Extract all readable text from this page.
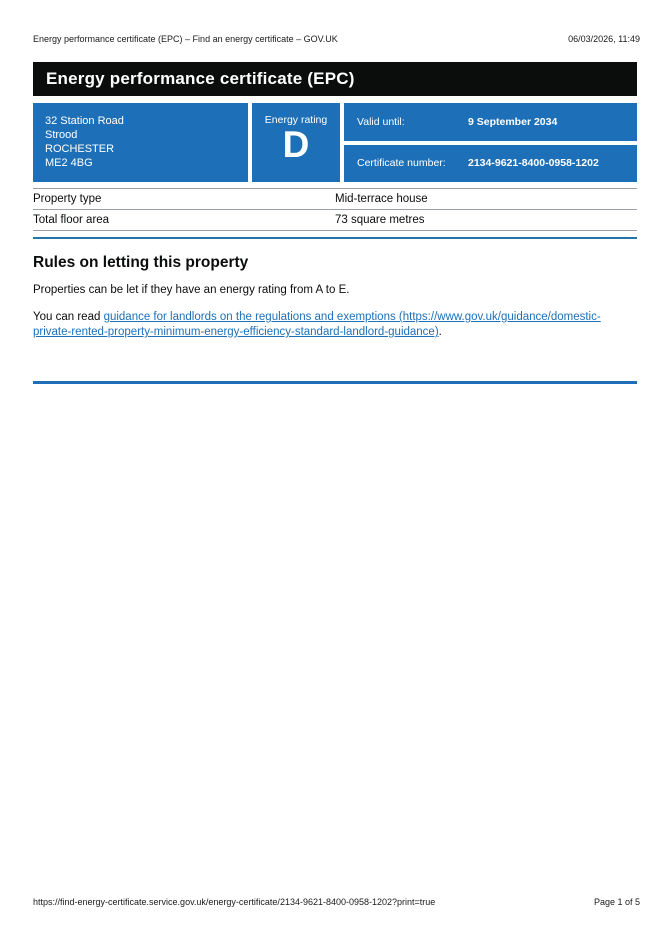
Energy performance certificate (EPC) – Find an energy certificate – GOV.UK	06/03/2026, 11:49
Energy performance certificate (EPC)
32 Station Road
Strood
ROCHESTER
ME2 4BG
Energy rating
D
Valid until:	9 September 2034
Certificate number:	2134-9621-8400-0958-1202
Property type	Mid-terrace house
Total floor area	73 square metres
Rules on letting this property

Properties can be let if they have an energy rating from A to E.

You can read guidance for landlords on the regulations and exemptions (https://www.gov.uk/guidance/domestic-private-rented-property-minimum-energy-efficiency-standard-landlord-guidance).

https://find-energy-certificate.service.gov.uk/energy-certificate/2134-9621-8400-0958-1202?print=true	Page 1 of 5
